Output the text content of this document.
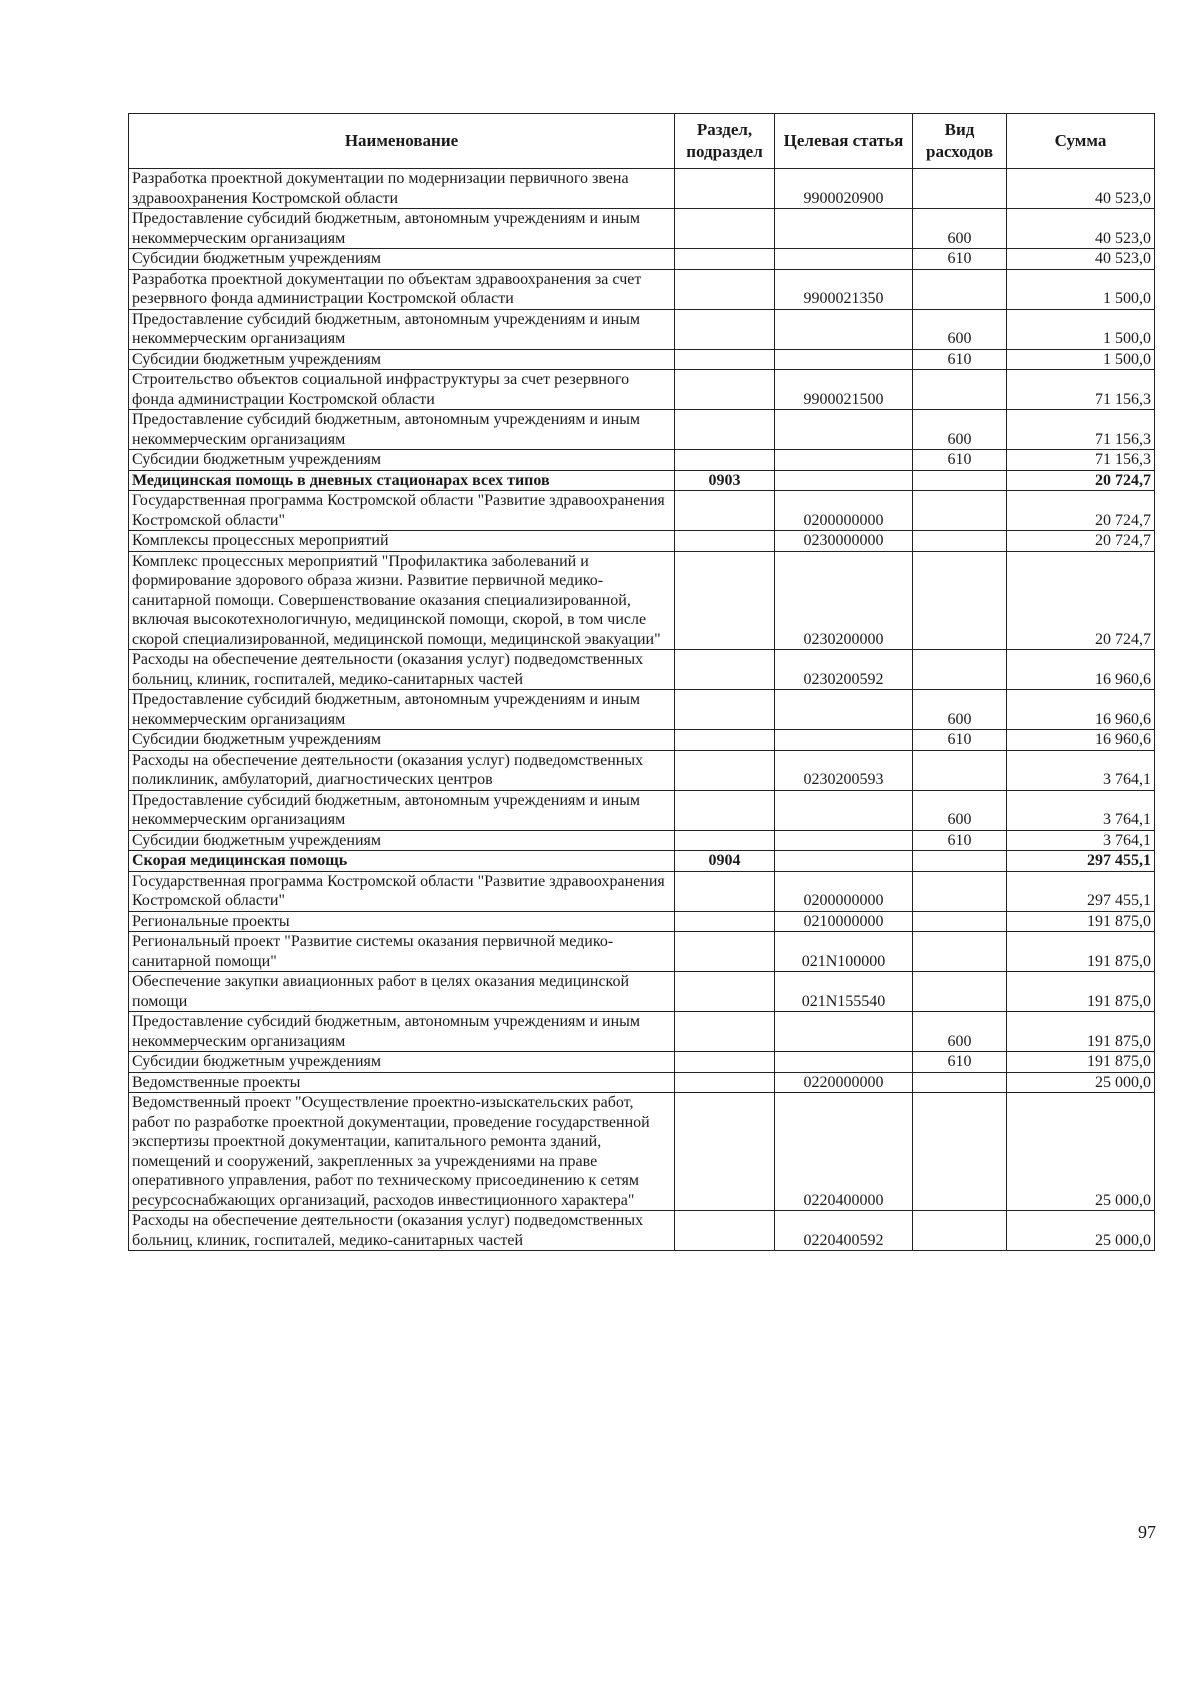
Наименование	Раздел, подраздел	Целевая статья	Вид расходов	Сумма
Разработка проектной документации по модернизации первичного звена здравоохранения Костромской области		9900020900		40 523,0
Предоставление субсидий бюджетным, автономным учреждениям и иным некоммерческим организациям			600	40 523,0
Субсидии бюджетным учреждениям			610	40 523,0
Разработка проектной документации по объектам здравоохранения за счет резервного фонда администрации Костромской области		9900021350		1 500,0
Предоставление субсидий бюджетным, автономным учреждениям и иным некоммерческим организациям			600	1 500,0
Субсидии бюджетным учреждениям			610	1 500,0
Строительство объектов социальной инфраструктуры за счет резервного фонда администрации Костромской области		9900021500		71 156,3
Предоставление субсидий бюджетным, автономным учреждениям и иным некоммерческим организациям			600	71 156,3
Субсидии бюджетным учреждениям			610	71 156,3
Медицинская помощь в дневных стационарах всех типов	0903			20 724,7
Государственная программа Костромской области "Развитие здравоохранения Костромской области"		0200000000		20 724,7
Комплексы процессных мероприятий		0230000000		20 724,7
Комплекс процессных мероприятий "Профилактика заболеваний и формирование здорового образа жизни. Развитие первичной медико-санитарной помощи. Совершенствование оказания специализированной, включая высокотехнологичную, медицинской помощи, скорой, в том числе скорой специализированной, медицинской помощи, медицинской эвакуации"		0230200000		20 724,7
Расходы на обеспечение деятельности (оказания услуг) подведомственных больниц, клиник, госпиталей, медико-санитарных частей		0230200592		16 960,6
Предоставление субсидий бюджетным, автономным учреждениям и иным некоммерческим организациям			600	16 960,6
Субсидии бюджетным учреждениям			610	16 960,6
Расходы на обеспечение деятельности (оказания услуг) подведомственных поликлиник, амбулаторий, диагностических центров		0230200593		3 764,1
Предоставление субсидий бюджетным, автономным учреждениям и иным некоммерческим организациям			600	3 764,1
Субсидии бюджетным учреждениям			610	3 764,1
Скорая медицинская помощь	0904			297 455,1
Государственная программа Костромской области "Развитие здравоохранения Костромской области"		0200000000		297 455,1
Региональные проекты		0210000000		191 875,0
Региональный проект "Развитие системы оказания первичной медико-санитарной помощи"		021N100000		191 875,0
Обеспечение закупки авиационных работ в целях оказания медицинской помощи		021N155540		191 875,0
Предоставление субсидий бюджетным, автономным учреждениям и иным некоммерческим организациям			600	191 875,0
Субсидии бюджетным учреждениям			610	191 875,0
Ведомственные проекты		0220000000		25 000,0
Ведомственный проект "Осуществление проектно-изыскательских работ, работ по разработке проектной документации, проведение государственной экспертизы проектной документации, капитального ремонта зданий, помещений и сооружений, закрепленных за учреждениями на праве оперативного управления, работ по техническому присоединению к сетям ресурсоснабжающих организаций, расходов инвестиционного характера"		0220400000		25 000,0
Расходы на обеспечение деятельности (оказания услуг) подведомственных больниц, клиник, госпиталей, медико-санитарных частей		0220400592		25 000,0
97
